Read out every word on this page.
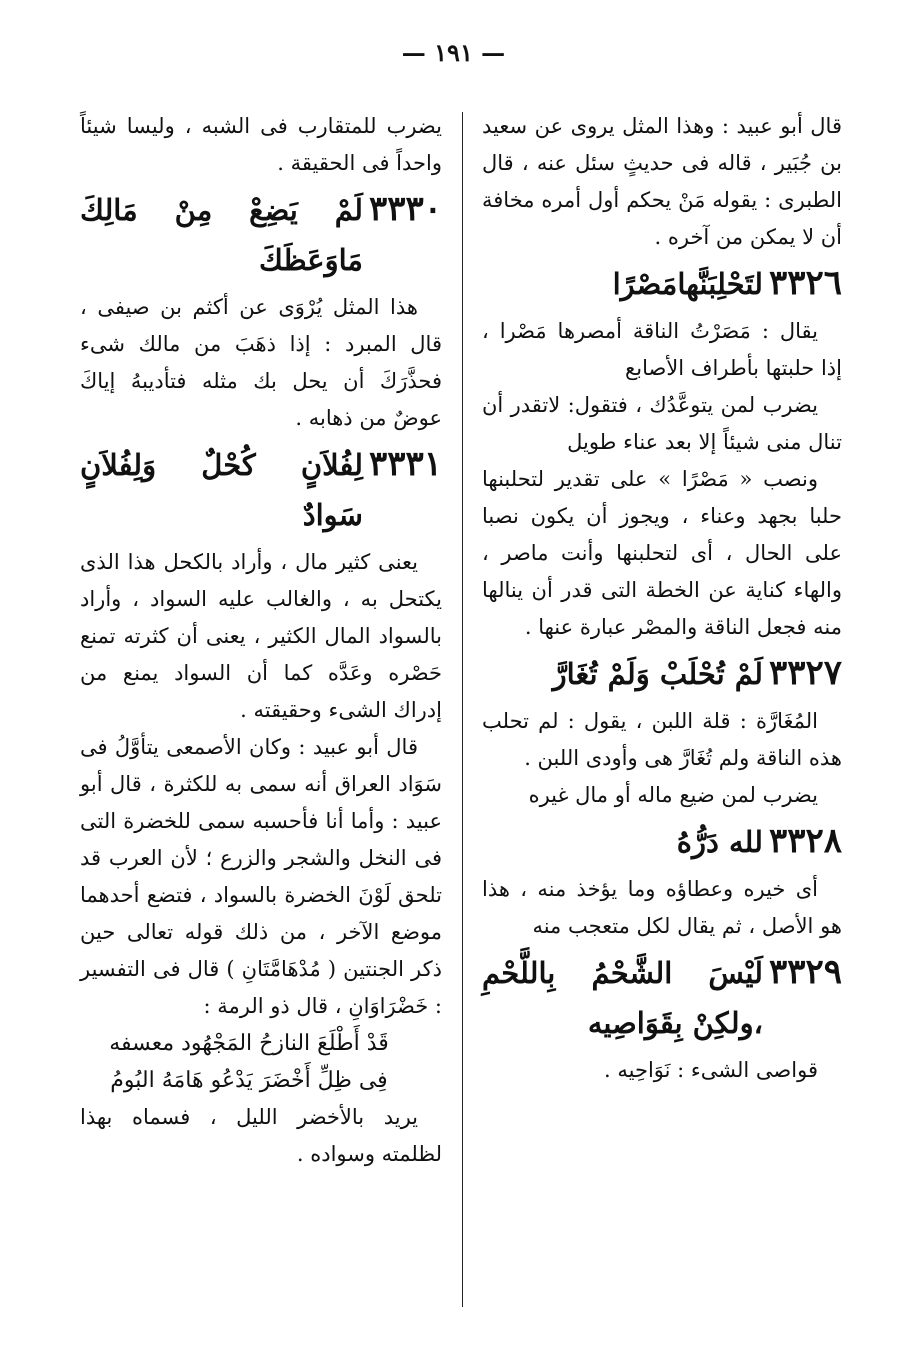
— ١٩١ —

قال أبو عبيد : وهذا المثل يروى عن سعيد بن جُبَير ، قاله فى حديثٍ سئل عنه ، قال الطبرى : يقوله مَنْ يحكم أول أمره مخافة أن لا يمكن من آخره .

٣٣٢٦
لتَحْلِبَنَّهامَصْرًا

يقال : مَصَرْتُ الناقة أمصرها مَصْرا ، إذا حلبتها بأطراف الأصابع

يضرب لمن يتوعَّدُك ، فتقول: لاتقدر أن تنال منى شيئاً إلا بعد عناء طويل

ونصب « مَصْرًا » على تقدير لتحلبنها حلبا بجهد وعناء ، ويجوز أن يكون نصبا على الحال ، أى لتحلبنها وأنت ماصر ، والهاء كناية عن الخطة التى قدر أن ينالها منه فجعل الناقة والمصْر عبارة عنها .

٣٣٢٧
لَمْ تُحْلَبْ وَلَمْ تُغَارَّ

المُغَارَّة : قلة اللبن ، يقول : لم تحلب هذه الناقة ولم تُغَارَّ هى وأودى اللبن .

يضرب لمن ضيع ماله أو مال غيره

٣٣٢٨
لله دَرُّهُ

أى خيره وعطاؤه وما يؤخذ منه ، هذا هو الأصل ، ثم يقال لكل متعجب منه

٣٣٢٩
لَيْسَ الشَّحْمُ بِاللَّحْمِ ،ولكِنْ بِقَوَاصِيه

قواصى الشىء : نَوَاحِيه .

يضرب للمتقارب فى الشبه ، وليسا شيئاً واحداً فى الحقيقة .

٣٣٣٠
لَمْ يَضِعْ مِنْ مَالِكَ مَاوَعَظَكَ

هذا المثل يُرْوَى عن أكثم بن صيفى ، قال المبرد : إذا ذهَبَ من مالك شىء فحذَّرَكَ أن يحل بك مثله فتأديبهُ إياكَ عوضٌ من ذهابه .

٣٣٣١
لِفُلاَنٍ كُحْلٌ وَلِفُلاَنٍ سَوادٌ

يعنى كثير مال ، وأراد بالكحل هذا الذى يكتحل به ، والغالب عليه السواد ، وأراد بالسواد المال الكثير ، يعنى أن كثرته تمنع حَصْره وعَدَّه كما أن السواد يمنع من إدراك الشىء وحقيقته .

قال أبو عبيد : وكان الأصمعى يتأوَّلُ فى سَوَاد العراق أنه سمى به للكثرة ، قال أبو عبيد : وأما أنا فأحسبه سمى للخضرة التى فى النخل والشجر والزرع ؛ لأن العرب قد تلحق لَوْنَ الخضرة بالسواد ، فتضع أحدهما موضع الآخر ، من ذلك قوله تعالى حين ذكر الجنتين ( مُدْهَامَّتَانِ ) قال فى التفسير : خَضْرَاوَانِ ، قال ذو الرمة :

قَدْ أَطْلَعَ النازحُ المَجْهُود معسفه

فِى ظِلِّ أَخْضَرَ يَدْعُو هَامَهُ البُومُ

يريد بالأخضر الليل ، فسماه بهذا لظلمته وسواده .
